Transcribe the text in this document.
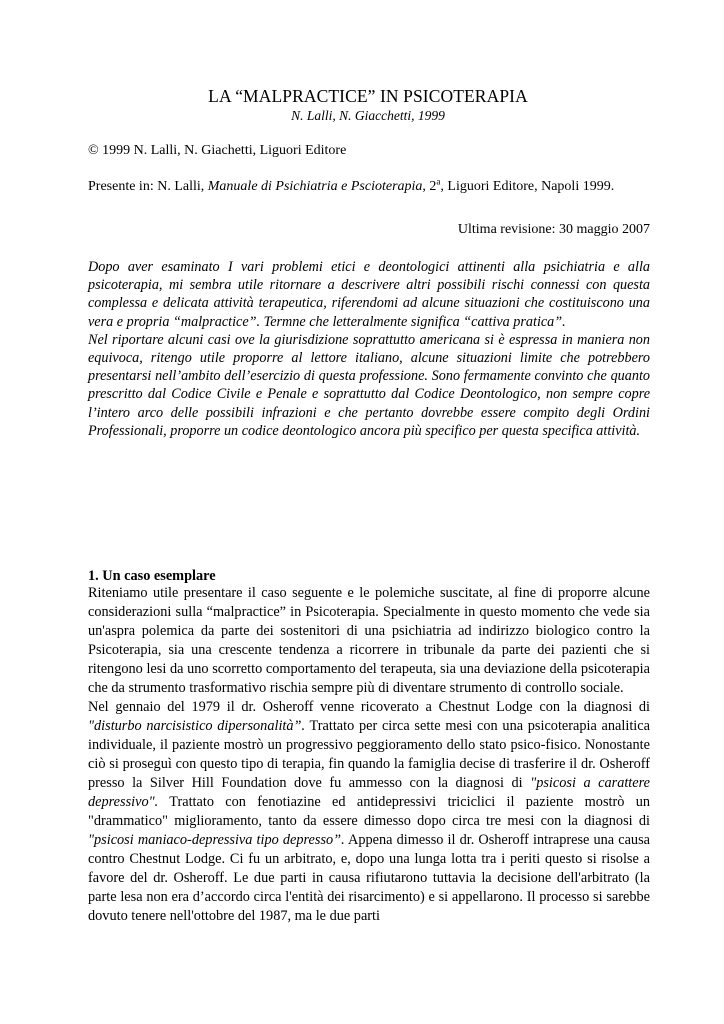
LA “MALPRACTICE” IN PSICOTERAPIA
N. Lalli, N. Giacchetti, 1999
© 1999 N. Lalli, N. Giachetti, Liguori Editore
Presente in: N. Lalli, Manuale di Psichiatria e Pscioterapia, 2$^a$, Liguori Editore, Napoli 1999.
Ultima revisione: 30 maggio 2007

Dopo aver esaminato I vari problemi etici e deontologici attinenti alla psichiatria e alla psicoterapia, mi sembra utile ritornare a descrivere altri possibili rischi connessi con questa complessa e delicata attività terapeutica, riferendomi ad alcune situazioni che costituiscono una vera e propria “malpractice”. Termne che letteralmente significa “cattiva pratica”.

Nel riportare alcuni casi ove la giurisdizione soprattutto americana si è espressa in maniera non equivoca, ritengo utile proporre al lettore italiano, alcune situazioni limite che potrebbero presentarsi nell’ambito dell’esercizio di questa professione. Sono fermamente convinto che quanto prescritto dal Codice Civile e Penale e soprattutto dal Codice Deontologico, non sempre copre l’intero arco delle possibili infrazioni e che pertanto dovrebbe essere compito degli Ordini Professionali, proporre un codice deontologico ancora più specifico per questa specifica attività.

1. Un caso esemplare

Riteniamo utile presentare il caso seguente e le polemiche suscitate, al fine di proporre alcune considerazioni sulla “malpractice” in Psicoterapia. Specialmente in questo momento che vede sia un'aspra polemica da parte dei sostenitori di una psichiatria ad indirizzo biologico contro la Psicoterapia, sia una crescente tendenza a ricorrere in tribunale da parte dei pazienti che si ritengono lesi da uno scorretto comportamento del terapeuta, sia una deviazione della psicoterapia che da strumento trasformativo rischia sempre più di diventare strumento di controllo sociale.

Nel gennaio del 1979 il dr. Osheroff venne ricoverato a Chestnut Lodge con la diagnosi di "disturbo narcisistico dipersonalità”. Trattato per circa sette mesi con una psicoterapia analitica individuale, il paziente mostrò un progressivo peggioramento dello stato psico-fisico. Nonostante ciò si proseguì con questo tipo di terapia, fin quando la famiglia decise di trasferire il dr. Osheroff presso la Silver Hill Foundation dove fu ammesso con la diagnosi di "psicosi a carattere depressivo". Trattato con fenotiazine ed antidepressivi triciclici il paziente mostrò un "drammatico" miglioramento, tanto da essere dimesso dopo circa tre mesi con la diagnosi di "psicosi maniaco-depressiva tipo depresso”. Appena dimesso il dr. Osheroff intraprese una causa contro Chestnut Lodge. Ci fu un arbitrato, e, dopo una lunga lotta tra i periti questo si risolse a favore del dr. Osheroff. Le due parti in causa rifiutarono tuttavia la decisione dell'arbitrato (la parte lesa non era d’accordo circa l'entità dei risarcimento) e si appellarono. Il processo si sarebbe dovuto tenere nell'ottobre del 1987, ma le due parti
